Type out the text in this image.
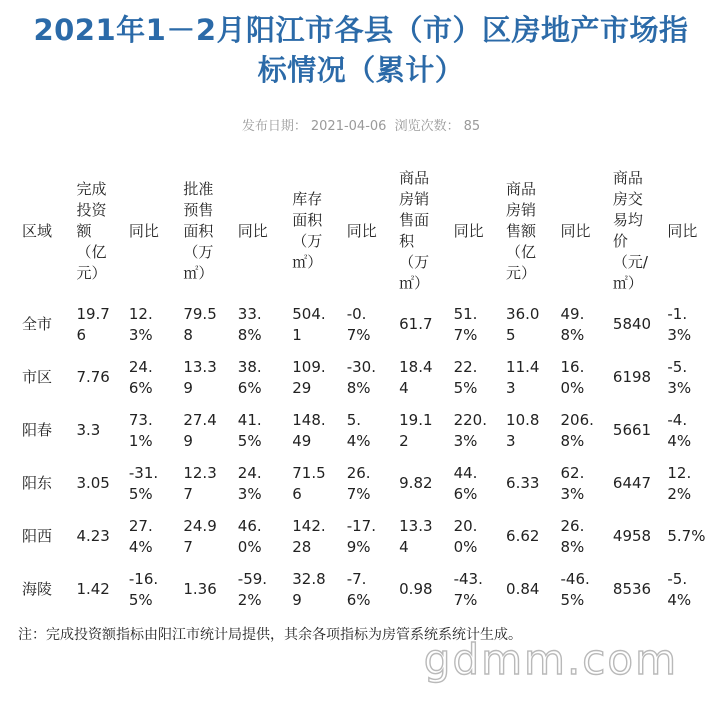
2021年1－2月阳江市各县（市）区房地产市场指
标情况（累计）
发布日期： 2021-04-06 浏览次数： 85
区域	完成投资额（亿元）	同比	批准预售面积（万㎡）	同比	库存面积（万㎡）	同比	商品房销售面积（万㎡）	同比	商品房销售额（亿元）	同比	商品房交易均价（元/㎡）	同比
全市	19.76	12.3%	79.58	33.8%	504.1	-0.7%	61.7	51.7%	36.05	49.8%	5840	-1.3%
市区	7.76	24.6%	13.39	38.6%	109.29	-30.8%	18.44	22.5%	11.43	16.0%	6198	-5.3%
阳春	3.3	73.1%	27.49	41.5%	148.49	5.4%	19.12	220.3%	10.83	206.8%	5661	-4.4%
阳东	3.05	-31.5%	12.37	24.3%	71.56	26.7%	9.82	44.6%	6.33	62.3%	6447	12.2%
阳西	4.23	27.4%	24.97	46.0%	142.28	-17.9%	13.34	20.0%	6.62	26.8%	4958	5.7%
海陵	1.42	-16.5%	1.36	-59.2%	32.89	-7.6%	0.98	-43.7%	0.84	-46.5%	8536	-5.4%
注：完成投资额指标由阳江市统计局提供，其余各项指标为房管系统系统计生成。
gdmm.com
